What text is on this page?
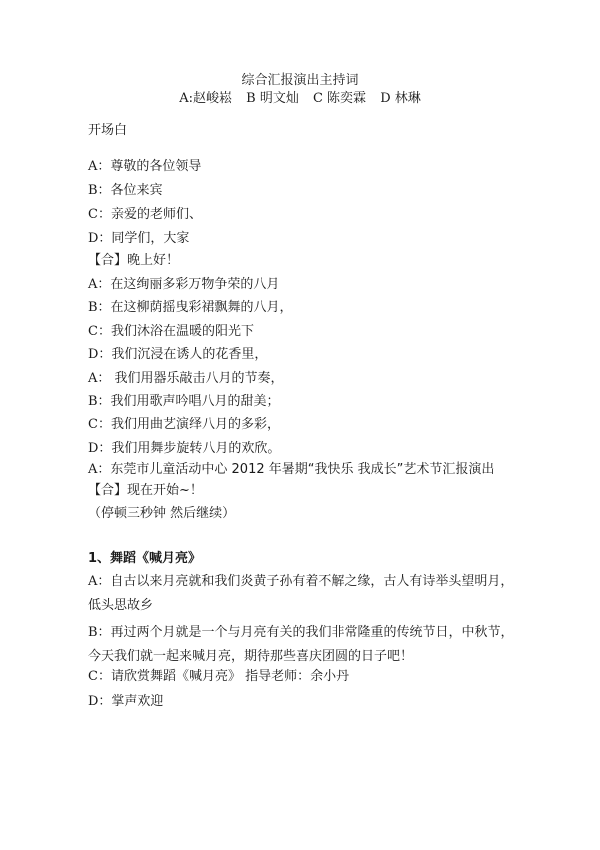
综合汇报演出主持词
A:赵峻崧 B 明文灿 C 陈奕霖 D 林琳
开场白
A：尊敬的各位领导
B：各位来宾
C：亲爱的老师们、
D：同学们，大家
【合】晚上好！
A：在这绚丽多彩万物争荣的八月
B：在这柳荫摇曳彩裙飘舞的八月，
C：我们沐浴在温暖的阳光下
D：我们沉浸在诱人的花香里，
A： 我们用器乐敲击八月的节奏，
B：我们用歌声吟唱八月的甜美；
C：我们用曲艺演绎八月的多彩，
D：我们用舞步旋转八月的欢欣。
A：东莞市儿童活动中心 2012 年暑期“我快乐 我成长”艺术节汇报演出
【合】现在开始~！
（停顿三秒钟 然后继续）
1、舞蹈《喊月亮》
A：自古以来月亮就和我们炎黄子孙有着不解之缘，古人有诗举头望明月，低头思故乡
B：再过两个月就是一个与月亮有关的我们非常隆重的传统节日，中秋节，今天我们就一起来喊月亮，期待那些喜庆团圆的日子吧！
C：请欣赏舞蹈《喊月亮》 指导老师：余小丹
D：掌声欢迎
